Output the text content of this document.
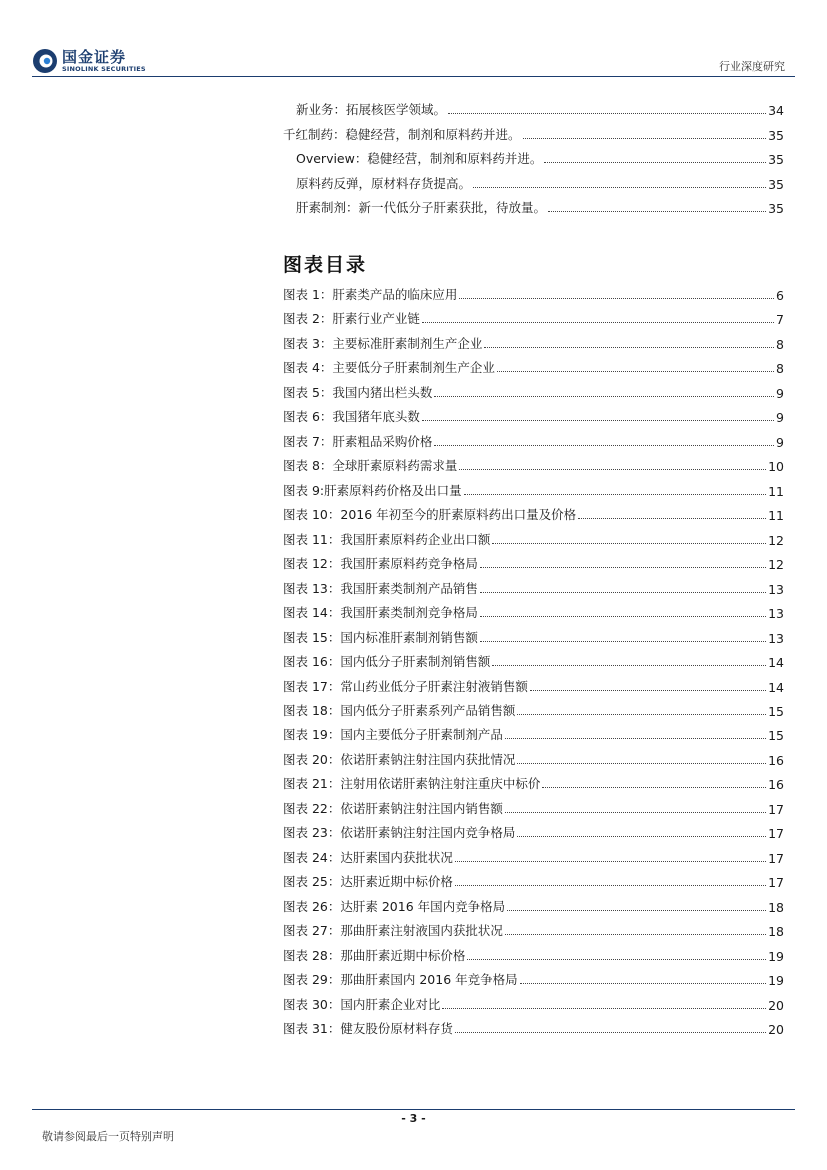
国金证券
SINOLINK SECURITIES	行业深度研究
新业务：拓展核医学领域。	34
千红制药：稳健经营，制剂和原料药并进。	35
Overview：稳健经营，制剂和原料药并进。	35
原料药反弹，原材料存货提高。	35
肝素制剂：新一代低分子肝素获批，待放量。	35
图表目录
图表 1：肝素类产品的临床应用	6
图表 2：肝素行业产业链	7
图表 3：主要标准肝素制剂生产企业	8
图表 4：主要低分子肝素制剂生产企业	8
图表 5：我国内猪出栏头数	9
图表 6：我国猪年底头数	9
图表 7：肝素粗品采购价格	9
图表 8：全球肝素原料药需求量	10
图表 9:肝素原料药价格及出口量	11
图表 10：2016 年初至今的肝素原料药出口量及价格	11
图表 11：我国肝素原料药企业出口额	12
图表 12：我国肝素原料药竞争格局	12
图表 13：我国肝素类制剂产品销售	13
图表 14：我国肝素类制剂竞争格局	13
图表 15：国内标准肝素制剂销售额	13
图表 16：国内低分子肝素制剂销售额	14
图表 17：常山药业低分子肝素注射液销售额	14
图表 18：国内低分子肝素系列产品销售额	15
图表 19：国内主要低分子肝素制剂产品	15
图表 20：依诺肝素钠注射注国内获批情况	16
图表 21：注射用依诺肝素钠注射注重庆中标价	16
图表 22：依诺肝素钠注射注国内销售额	17
图表 23：依诺肝素钠注射注国内竞争格局	17
图表 24：达肝素国内获批状况	17
图表 25：达肝素近期中标价格	17
图表 26：达肝素 2016 年国内竞争格局	18
图表 27：那曲肝素注射液国内获批状况	18
图表 28：那曲肝素近期中标价格	19
图表 29：那曲肝素国内 2016 年竞争格局	19
图表 30：国内肝素企业对比	20
图表 31：健友股份原材料存货	20
- 3 -
敬请参阅最后一页特别声明
